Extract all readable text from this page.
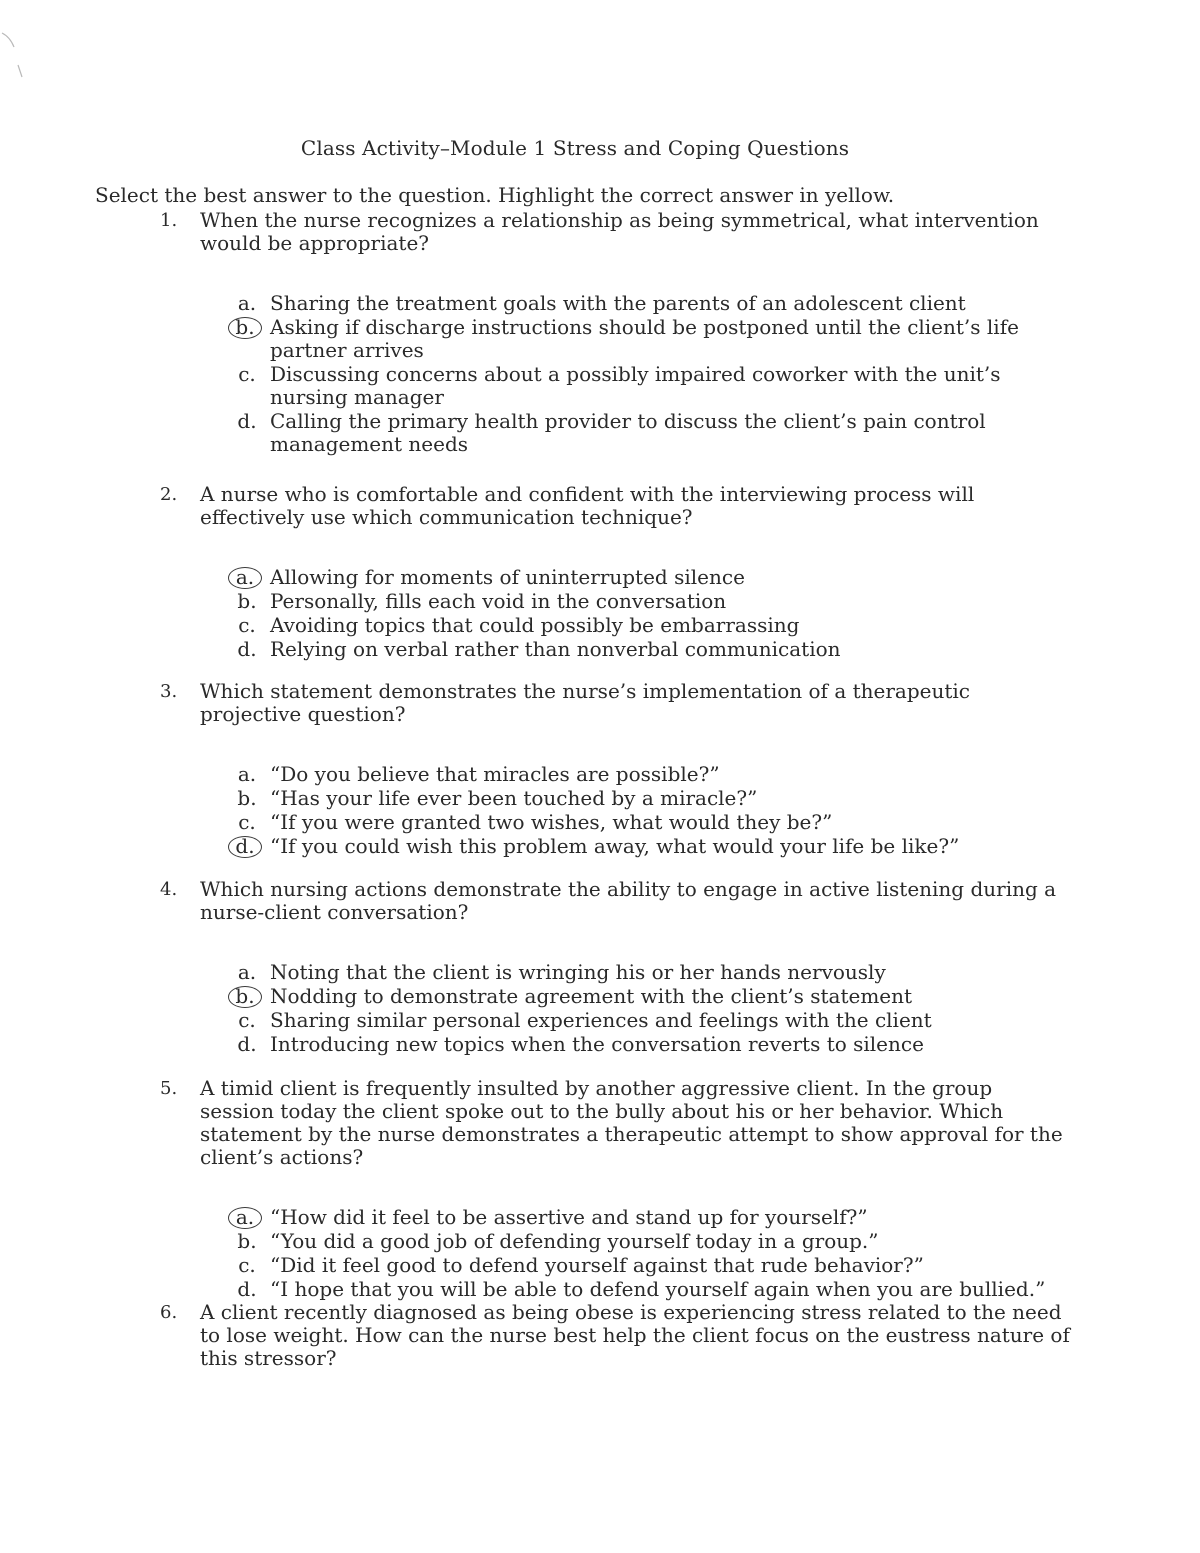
Class Activity–Module 1 Stress and Coping Questions
Select the best answer to the question. Highlight the correct answer in yellow.
1.	When the nurse recognizes a relationship as being symmetrical, what intervention would be appropriate?
a. Sharing the treatment goals with the parents of an adolescent client
b. Asking if discharge instructions should be postponed until the client’s life partner arrives
c. Discussing concerns about a possibly impaired coworker with the unit’s nursing manager
d. Calling the primary health provider to discuss the client’s pain control management needs
2.	A nurse who is comfortable and confident with the interviewing process will effectively use which communication technique?
a. Allowing for moments of uninterrupted silence
b. Personally, fills each void in the conversation
c. Avoiding topics that could possibly be embarrassing
d. Relying on verbal rather than nonverbal communication
3.	Which statement demonstrates the nurse’s implementation of a therapeutic projective question?
a. “Do you believe that miracles are possible?”
b. “Has your life ever been touched by a miracle?”
c. “If you were granted two wishes, what would they be?”
d. “If you could wish this problem away, what would your life be like?”
4.	Which nursing actions demonstrate the ability to engage in active listening during a nurse-client conversation?
a. Noting that the client is wringing his or her hands nervously
b. Nodding to demonstrate agreement with the client’s statement
c. Sharing similar personal experiences and feelings with the client
d. Introducing new topics when the conversation reverts to silence
5.	A timid client is frequently insulted by another aggressive client. In the group session today the client spoke out to the bully about his or her behavior. Which statement by the nurse demonstrates a therapeutic attempt to show approval for the client’s actions?
a. “How did it feel to be assertive and stand up for yourself?”
b. “You did a good job of defending yourself today in a group.”
c. “Did it feel good to defend yourself against that rude behavior?”
d. “I hope that you will be able to defend yourself again when you are bullied.”
6.	A client recently diagnosed as being obese is experiencing stress related to the need to lose weight. How can the nurse best help the client focus on the eustress nature of this stressor?
